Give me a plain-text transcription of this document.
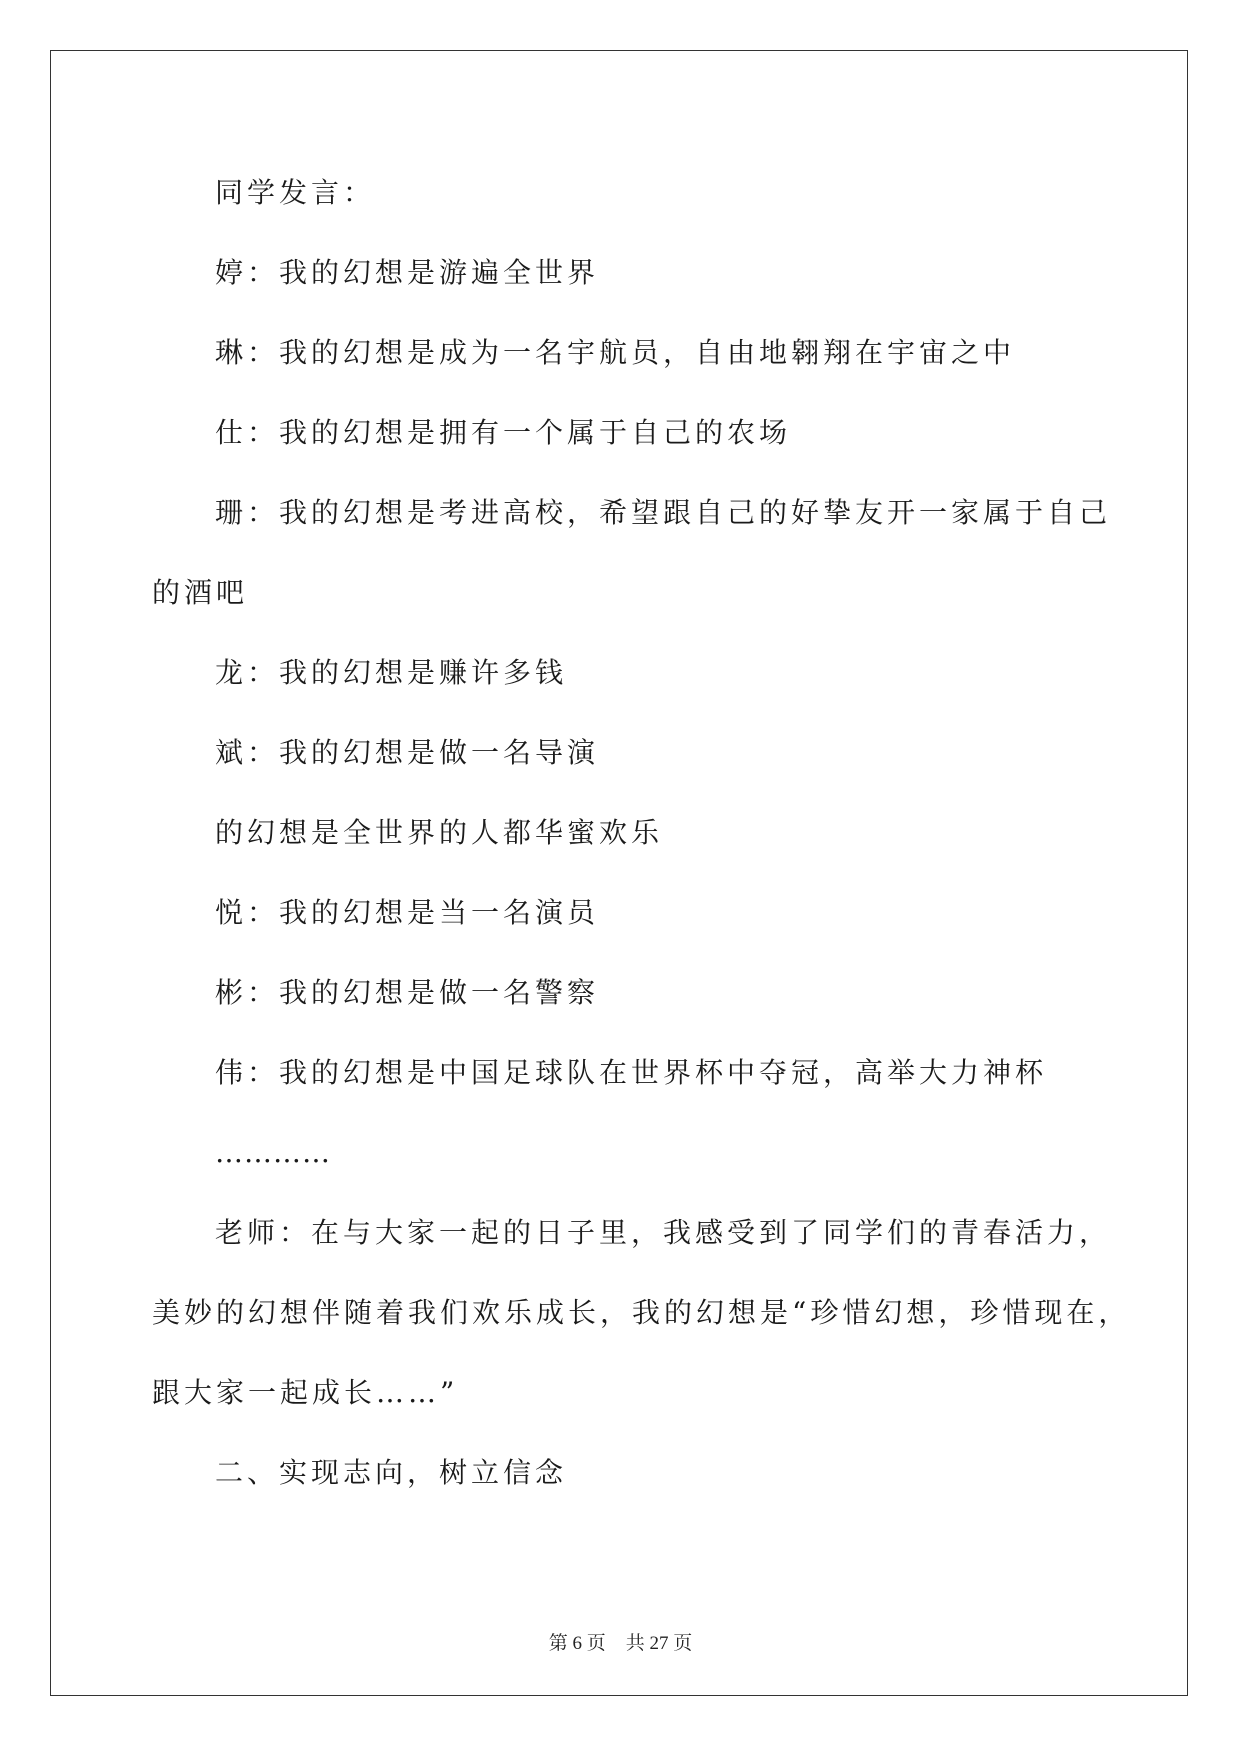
同学发言：
婷：我的幻想是游遍全世界
琳：我的幻想是成为一名宇航员，自由地翱翔在宇宙之中
仕：我的幻想是拥有一个属于自己的农场
珊：我的幻想是考进高校，希望跟自己的好挚友开一家属于自己
的酒吧
龙：我的幻想是赚许多钱
斌：我的幻想是做一名导演
的幻想是全世界的人都华蜜欢乐
悦：我的幻想是当一名演员
彬：我的幻想是做一名警察
伟：我的幻想是中国足球队在世界杯中夺冠，高举大力神杯
…………
老师：在与大家一起的日子里，我感受到了同学们的青春活力，
美妙的幻想伴随着我们欢乐成长，我的幻想是“珍惜幻想，珍惜现在，
跟大家一起成长……”
二、实现志向，树立信念
第 6 页 共 27 页
